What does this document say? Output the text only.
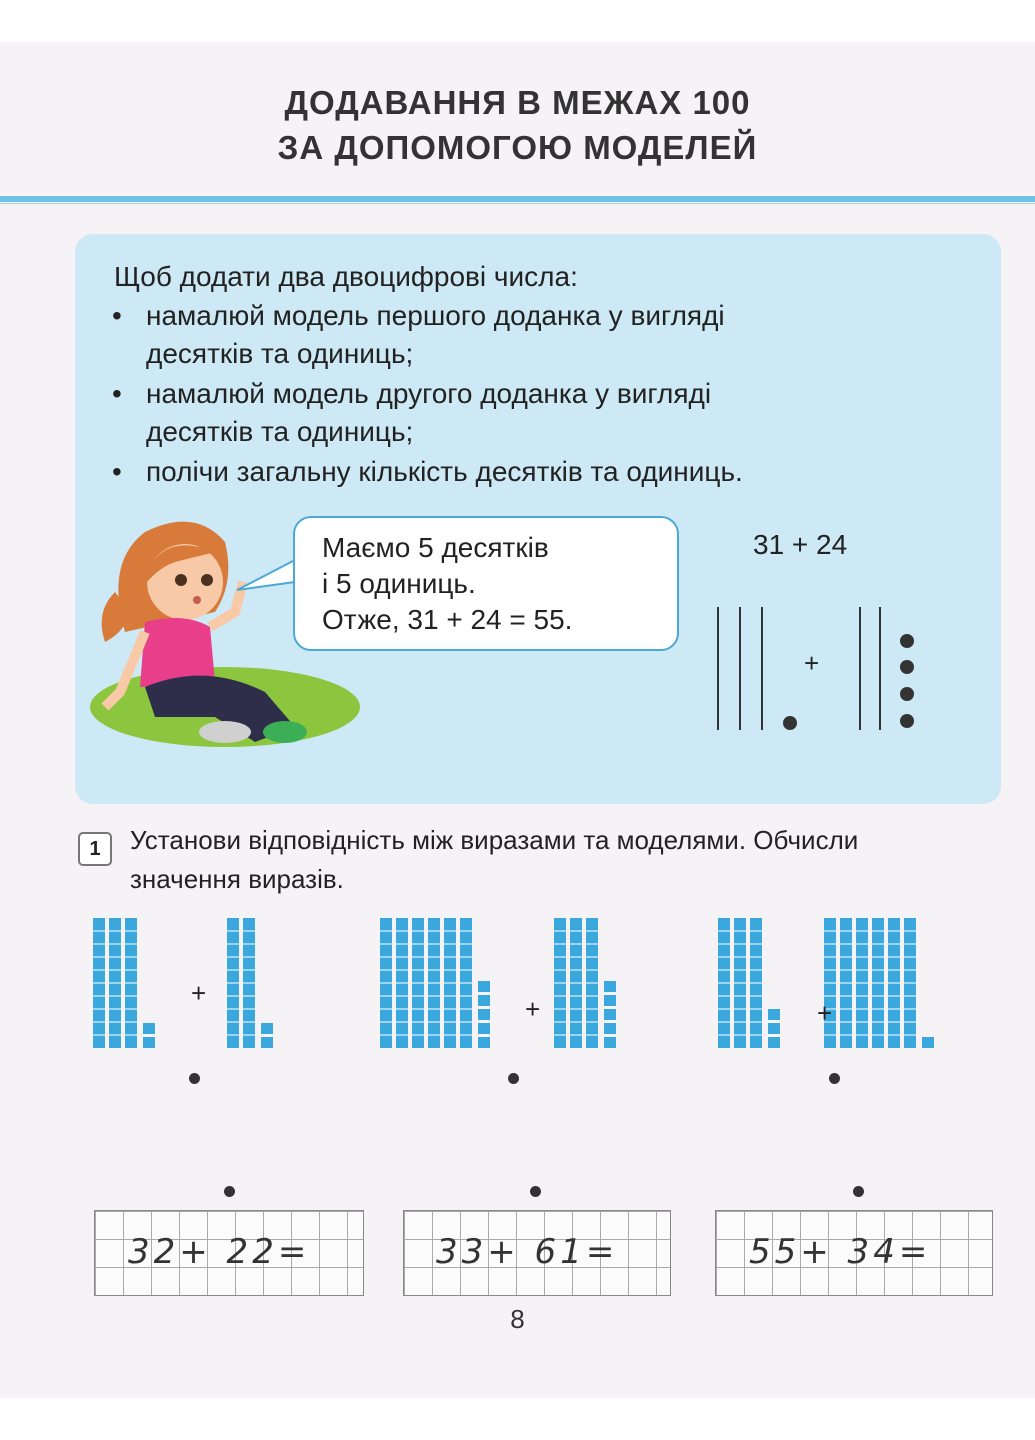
ДОДАВАННЯ В МЕЖАХ 100
ЗА ДОПОМОГОЮ МОДЕЛЕЙ
Щоб додати два двоцифрові числа:
• намалюй модель першого доданка у вигляді
десятків та одиниць;
• намалюй модель другого доданка у вигляді
десятків та одиниць;
• полічи загальну кількість десятків та одиниць.
Маємо 5 десятків
і 5 одиниць.
Отже, 31 + 24 = 55.
31 + 24
+
1	Установи відповідність між виразами та моделями. Обчисли
значення виразів.
+
+	+
32+ 22=	33+ 61=	55+ 34=
8
